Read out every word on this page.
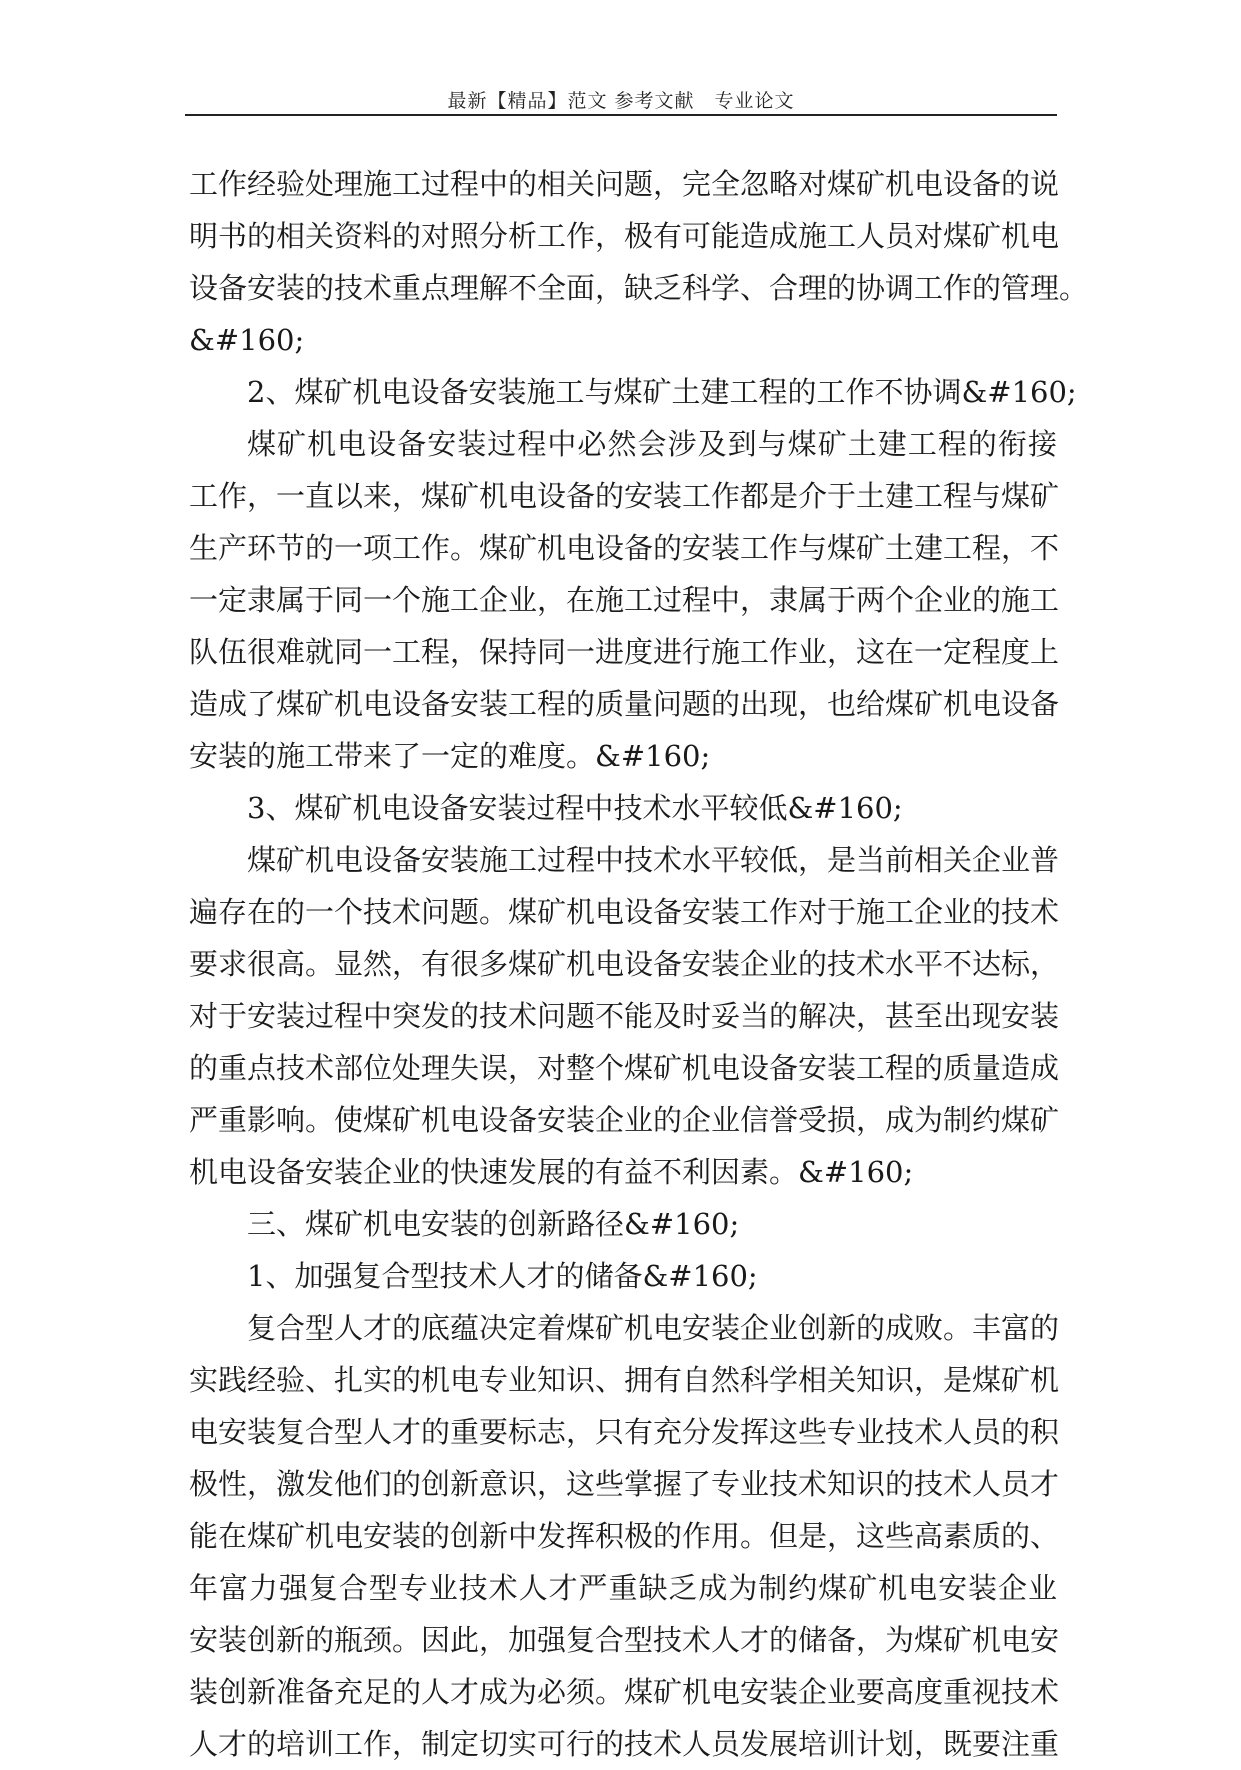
最新【精品】范文 参考文献　专业论文
工作经验处理施工过程中的相关问题，完全忽略对煤矿机电设备的说
明书的相关资料的对照分析工作，极有可能造成施工人员对煤矿机电
设备安装的技术重点理解不全面，缺乏科学、合理的协调工作的管理。
&#160;
2、煤矿机电设备安装施工与煤矿土建工程的工作不协调&#160;
煤矿机电设备安装过程中必然会涉及到与煤矿土建工程的衔接
工作，一直以来，煤矿机电设备的安装工作都是介于土建工程与煤矿
生产环节的一项工作。煤矿机电设备的安装工作与煤矿土建工程，不
一定隶属于同一个施工企业，在施工过程中，隶属于两个企业的施工
队伍很难就同一工程，保持同一进度进行施工作业，这在一定程度上
造成了煤矿机电设备安装工程的质量问题的出现，也给煤矿机电设备
安装的施工带来了一定的难度。&#160;
3、煤矿机电设备安装过程中技术水平较低&#160;
煤矿机电设备安装施工过程中技术水平较低，是当前相关企业普
遍存在的一个技术问题。煤矿机电设备安装工作对于施工企业的技术
要求很高。显然，有很多煤矿机电设备安装企业的技术水平不达标，
对于安装过程中突发的技术问题不能及时妥当的解决，甚至出现安装
的重点技术部位处理失误，对整个煤矿机电设备安装工程的质量造成
严重影响。使煤矿机电设备安装企业的企业信誉受损，成为制约煤矿
机电设备安装企业的快速发展的有益不利因素。&#160;
三、煤矿机电安装的创新路径&#160;
1、加强复合型技术人才的储备&#160;
复合型人才的底蕴决定着煤矿机电安装企业创新的成败。丰富的
实践经验、扎实的机电专业知识、拥有自然科学相关知识，是煤矿机
电安装复合型人才的重要标志，只有充分发挥这些专业技术人员的积
极性，激发他们的创新意识，这些掌握了专业技术知识的技术人员才
能在煤矿机电安装的创新中发挥积极的作用。但是，这些高素质的、
年富力强复合型专业技术人才严重缺乏成为制约煤矿机电安装企业
安装创新的瓶颈。因此，加强复合型技术人才的储备，为煤矿机电安
装创新准备充足的人才成为必须。煤矿机电安装企业要高度重视技术
人才的培训工作，制定切实可行的技术人员发展培训计划，既要注重
